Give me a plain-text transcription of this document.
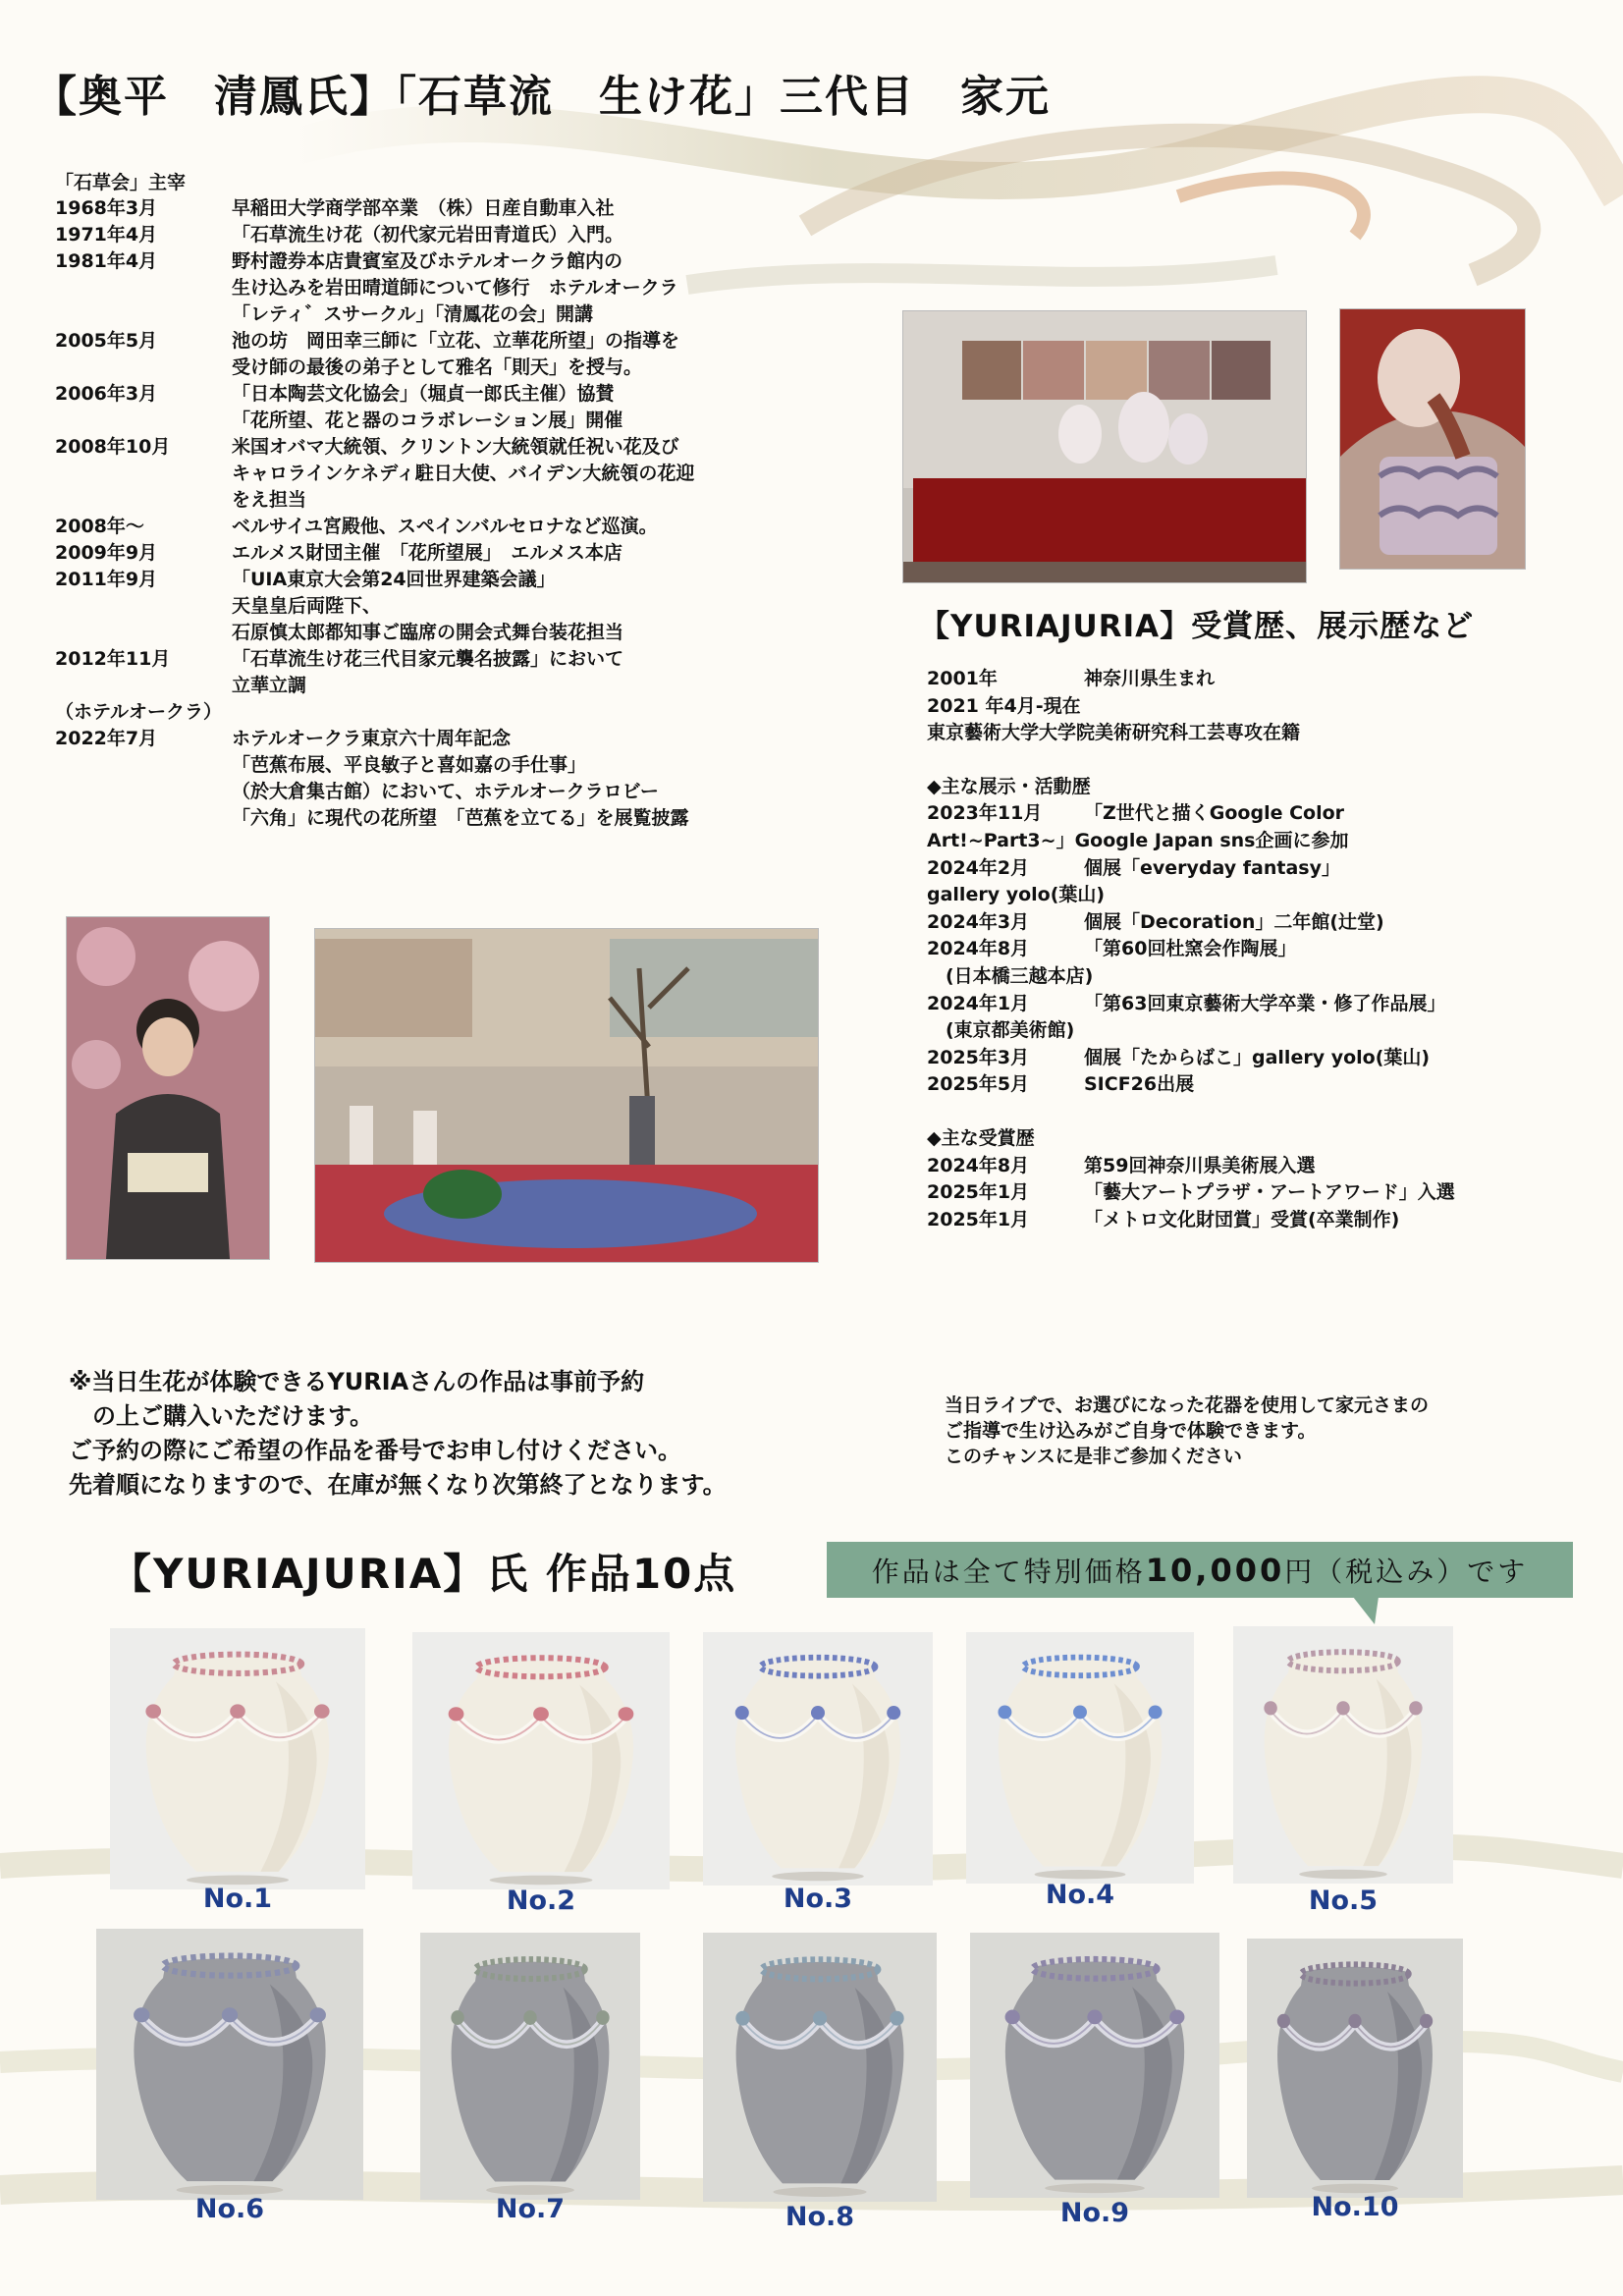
【奥平　清鳳氏】「石草流　生け花」三代目　家元
「石草会」主宰
1968年3月	早稲田大学商学部卒業　（株）日産自動車入社
1971年4月	「石草流生け花（初代家元岩田青道氏）入門。
1981年4月	野村證券本店貴賓室及びホテルオークラ館内の
生け込みを岩田晴道師について修行　ホテルオークラ
「レティ゛スサークル」「清鳳花の会」開講
2005年5月	池の坊　岡田幸三師に「立花、立華花所望」の指導を
受け師の最後の弟子として雅名「則天」を授与。
2006年3月	「日本陶芸文化協会」（堀貞一郎氏主催）協賛
「花所望、花と器のコラボレーション展」開催
2008年10月	米国オバマ大統領、クリントン大統領就任祝い花及び
キャロラインケネディ駐日大使、バイデン大統領の花迎
をえ担当
2008年～	ベルサイユ宮殿他、スペインバルセロナなど巡演。
2009年9月	エルメス財団主催　「花所望展」　エルメス本店
2011年9月	「UIA東京大会第24回世界建築会議」
天皇皇后両陛下、
石原慎太郎都知事ご臨席の開会式舞台装花担当
2012年11月	「石草流生け花三代目家元襲名披露」において
立華立調
（ホテルオークラ）
2022年7月	ホテルオークラ東京六十周年記念
「芭蕉布展、平良敏子と喜如嘉の手仕事」
（於大倉集古館）において、ホテルオークラロビー
「六角」に現代の花所望　「芭蕉を立てる」を展覧披露
【YURIAJURIA】受賞歴、展示歴など
2001年	神奈川県生まれ
2021 年4月-現在
東京藝術大学大学院美術研究科工芸専攻在籍
◆主な展示・活動歴
2023年11月	「Z世代と描くGoogle Color
Art!~Part3~」Google Japan sns企画に参加
2024年2月	個展「everyday fantasy」
gallery yolo(葉山)
2024年3月	個展「Decoration」二年館(辻堂)
2024年8月	「第60回杜窯会作陶展」
　(日本橋三越本店)
2024年1月	「第63回東京藝術大学卒業・修了作品展」
　(東京都美術館)
2025年3月	個展「たからばこ」gallery yolo(葉山)
2025年5月	SICF26出展
◆主な受賞歴
2024年8月	第59回神奈川県美術展入選
2025年1月	「藝大アートプラザ・アートアワード」入選
2025年1月	「メトロ文化財団賞」受賞(卒業制作)
※当日生花が体験できるYURIAさんの作品は事前予約
　の上ご購入いただけます。
ご予約の際にご希望の作品を番号でお申し付けください。
先着順になりますので、在庫が無くなり次第終了となります。
当日ライブで、お選びになった花器を使用して家元さまの
ご指導で生け込みがご自身で体験できます。
このチャンスに是非ご参加ください
【YURIAJURIA】氏 作品10点	作品は全て特別価格 10,000 円（税込み）です
No.1	No.2	No.3	No.4	No.5
No.6	No.7	No.8	No.9	No.10
